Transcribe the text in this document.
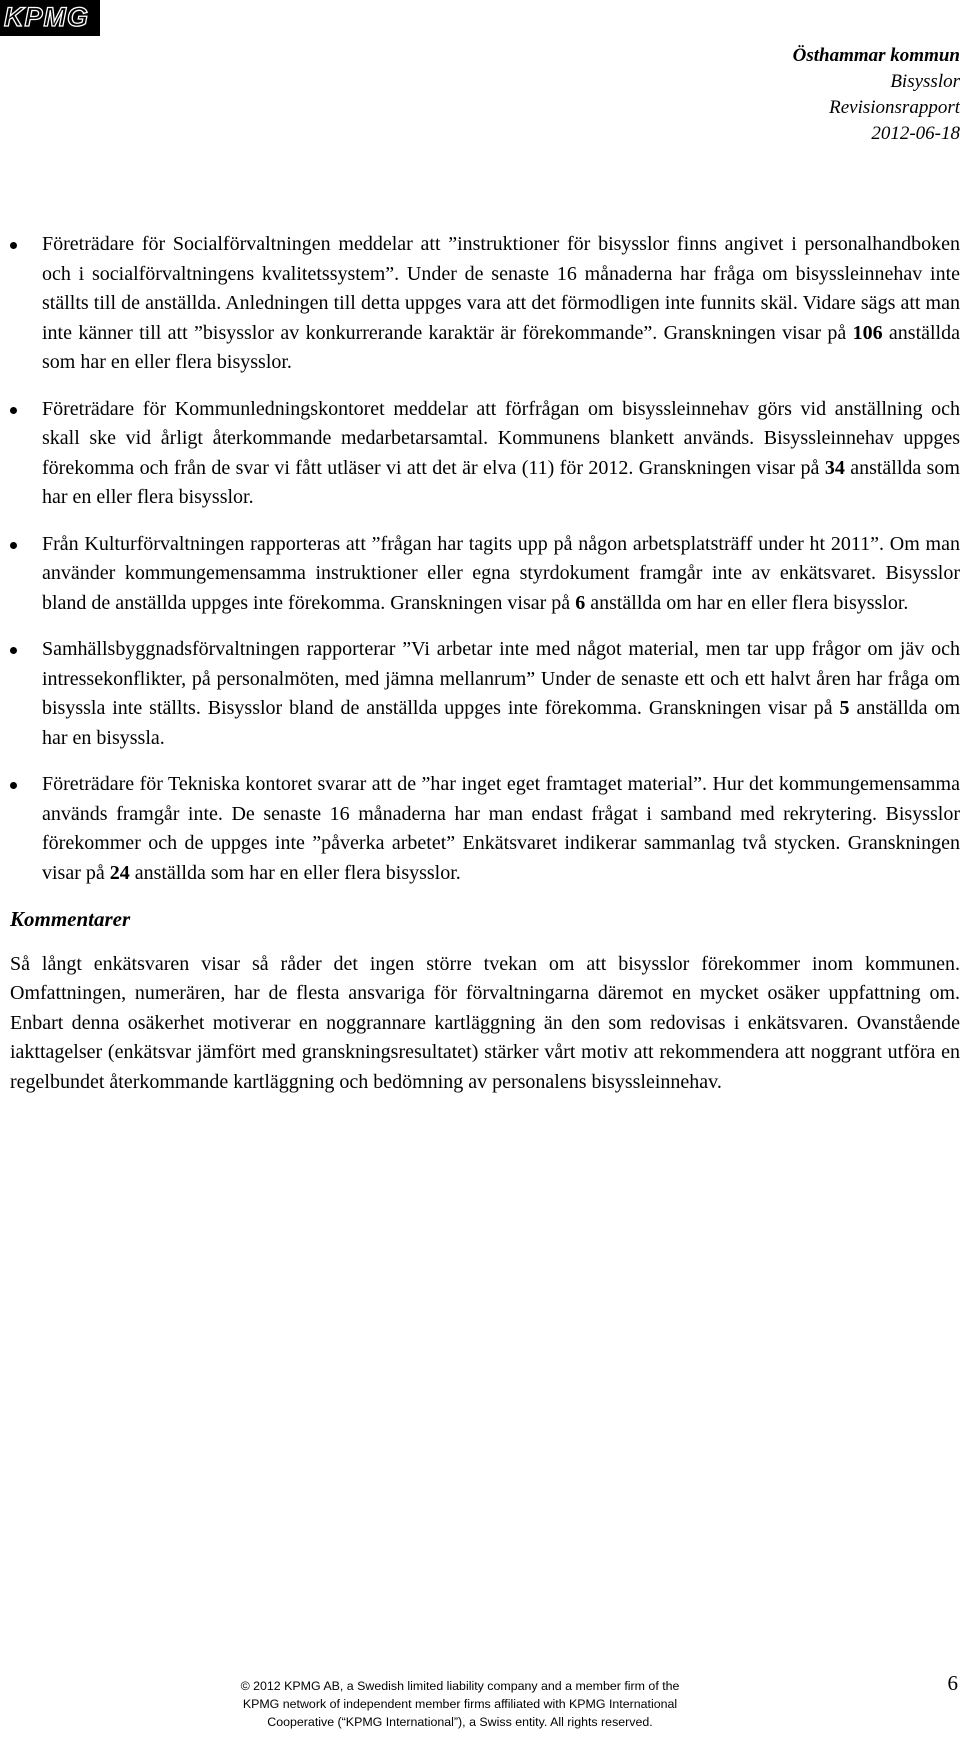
KPMG
Östhammar kommun
Bisysslor
Revisionsrapport
2012-06-18
Företrädare för Socialförvaltningen meddelar att ”instruktioner för bisysslor finns angivet i personalhandboken och i socialförvaltningens kvalitetssystem”. Under de senaste 16 månaderna har fråga om bisyssleinnehav inte ställts till de anställda. Anledningen till detta uppges vara att det förmodligen inte funnits skäl. Vidare sägs att man inte känner till att ”bisysslor av konkurrerande karaktär är förekommande”. Granskningen visar på 106 anställda som har en eller flera bisysslor.
Företrädare för Kommunledningskontoret meddelar att förfrågan om bisyssleinnehav görs vid anställning och skall ske vid årligt återkommande medarbetarsamtal. Kommunens blankett används. Bisyssleinnehav uppges förekomma och från de svar vi fått utläser vi att det är elva (11) för 2012. Granskningen visar på 34 anställda som har en eller flera bisysslor.
Från Kulturförvaltningen rapporteras att ”frågan har tagits upp på någon arbetsplatsträff under ht 2011”. Om man använder kommungemensamma instruktioner eller egna styrdokument framgår inte av enkätsvaret. Bisysslor bland de anställda uppges inte förekomma. Granskningen visar på 6 anställda om har en eller flera bisysslor.
Samhällsbyggnadsförvaltningen rapporterar ”Vi arbetar inte med något material, men tar upp frågor om jäv och intressekonflikter, på personalmöten, med jämna mellanrum” Under de senaste ett och ett halvt åren har fråga om bisyssla inte ställts. Bisysslor bland de anställda uppges inte förekomma. Granskningen visar på 5 anställda om har en bisyssla.
Företrädare för Tekniska kontoret svarar att de ”har inget eget framtaget material”. Hur det kommungemensamma används framgår inte. De senaste 16 månaderna har man endast frågat i samband med rekrytering. Bisysslor förekommer och de uppges inte ”påverka arbetet” Enkätsvaret indikerar sammanlag två stycken. Granskningen visar på 24 anställda som har en eller flera bisysslor.
Kommentarer

Så långt enkätsvaren visar så råder det ingen större tvekan om att bisysslor förekommer inom kommunen. Omfattningen, numerären, har de flesta ansvariga för förvaltningarna däremot en mycket osäker uppfattning om. Enbart denna osäkerhet motiverar en noggrannare kartläggning än den som redovisas i enkätsvaren. Ovanstående iakttagelser (enkätsvar jämfört med granskningsresultatet) stärker vårt motiv att rekommendera att noggrant utföra en regelbundet återkommande kartläggning och bedömning av personalens bisyssleinnehav.

6
© 2012 KPMG AB, a Swedish limited liability company and a member firm of the
KPMG network of independent member firms affiliated with KPMG International
Cooperative (“KPMG International”), a Swiss entity. All rights reserved.
